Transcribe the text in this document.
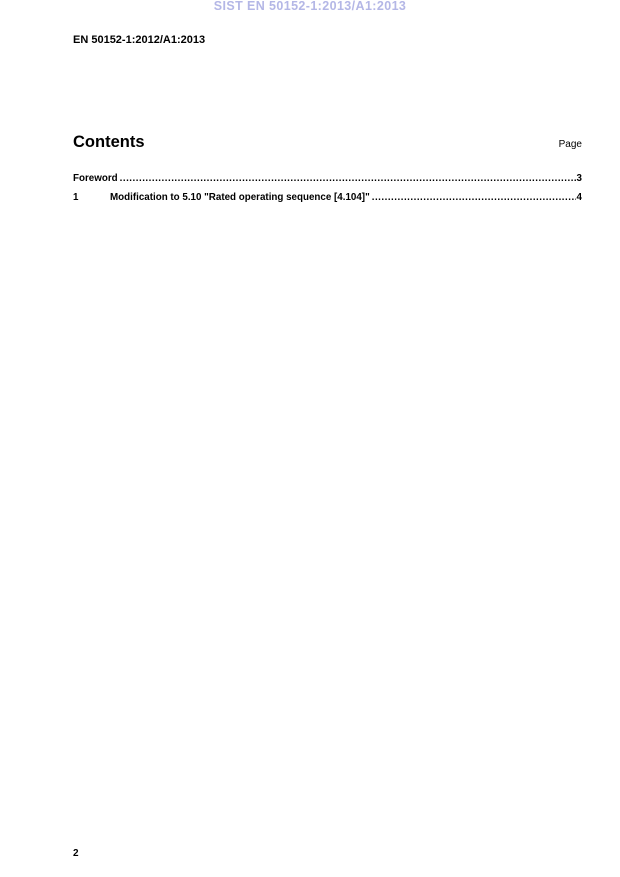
SIST EN 50152-1:2013/A1:2013
EN 50152-1:2012/A1:2013
Contents	Page
Foreword .....	3
1	Modification to 5.10 "Rated operating sequence [4.104]" .....	4
2
